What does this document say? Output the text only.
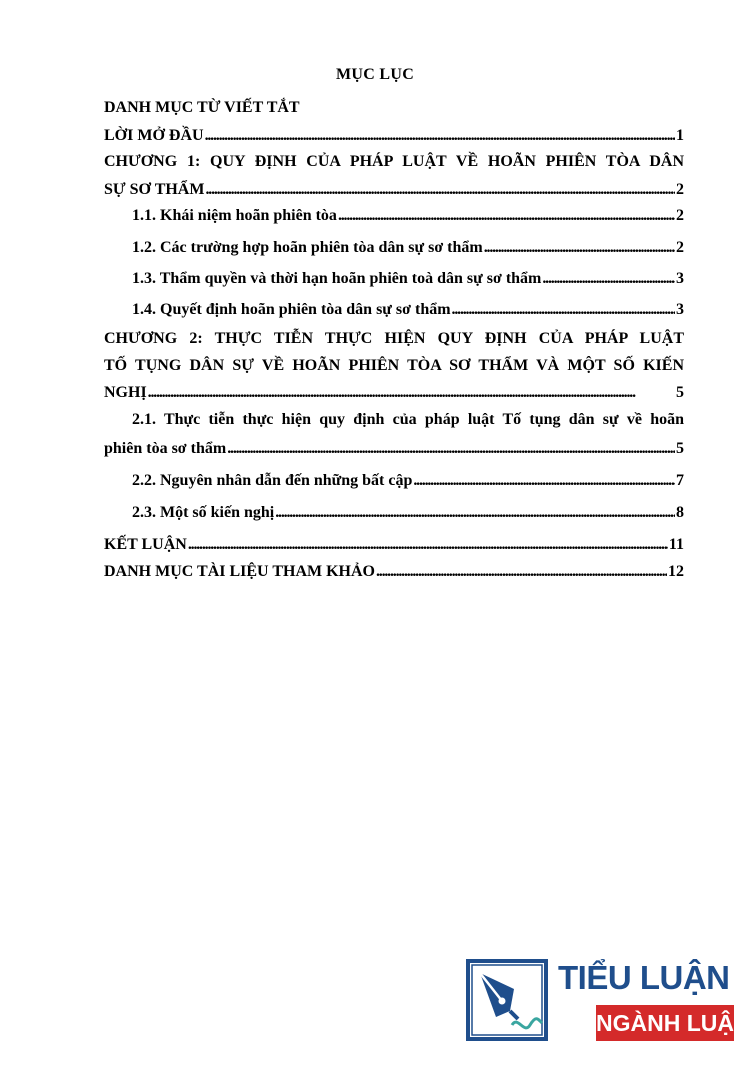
MỤC LỤC
DANH MỤC TỪ VIẾT TẮT
LỜI MỞ ĐẦU . . .	1
CHƯƠNG 1: QUY ĐỊNH CỦA PHÁP LUẬT VỀ HOÃN PHIÊN TÒA DÂN
SỰ SƠ THẨM . . .	2
1.1. Khái niệm hoãn phiên tòa . . .	2
1.2. Các trường hợp hoãn phiên tòa dân sự sơ thẩm . . .	2
1.3. Thẩm quyền và thời hạn hoãn phiên toà dân sự sơ thẩm . . .	3
1.4. Quyết định hoãn phiên tòa dân sự sơ thẩm . . .	3
CHƯƠNG 2: THỰC TIỄN THỰC HIỆN QUY ĐỊNH CỦA PHÁP LUẬT
TỐ TỤNG DÂN SỰ VỀ HOÃN PHIÊN TÒA SƠ THẨM VÀ MỘT SỐ KIẾN
NGHỊ . . .	5
2.1. Thực tiễn thực hiện quy định của pháp luật Tố tụng dân sự về hoãn
phiên tòa sơ thẩm . . .	5
2.2. Nguyên nhân dẫn đến những bất cập . . .	7
2.3. Một số kiến nghị . . .	8
KẾT LUẬN . . .	11
DANH MỤC TÀI LIỆU THAM KHẢO . . .	12
TIỂU LUẬN
NGÀNH LUẬT
